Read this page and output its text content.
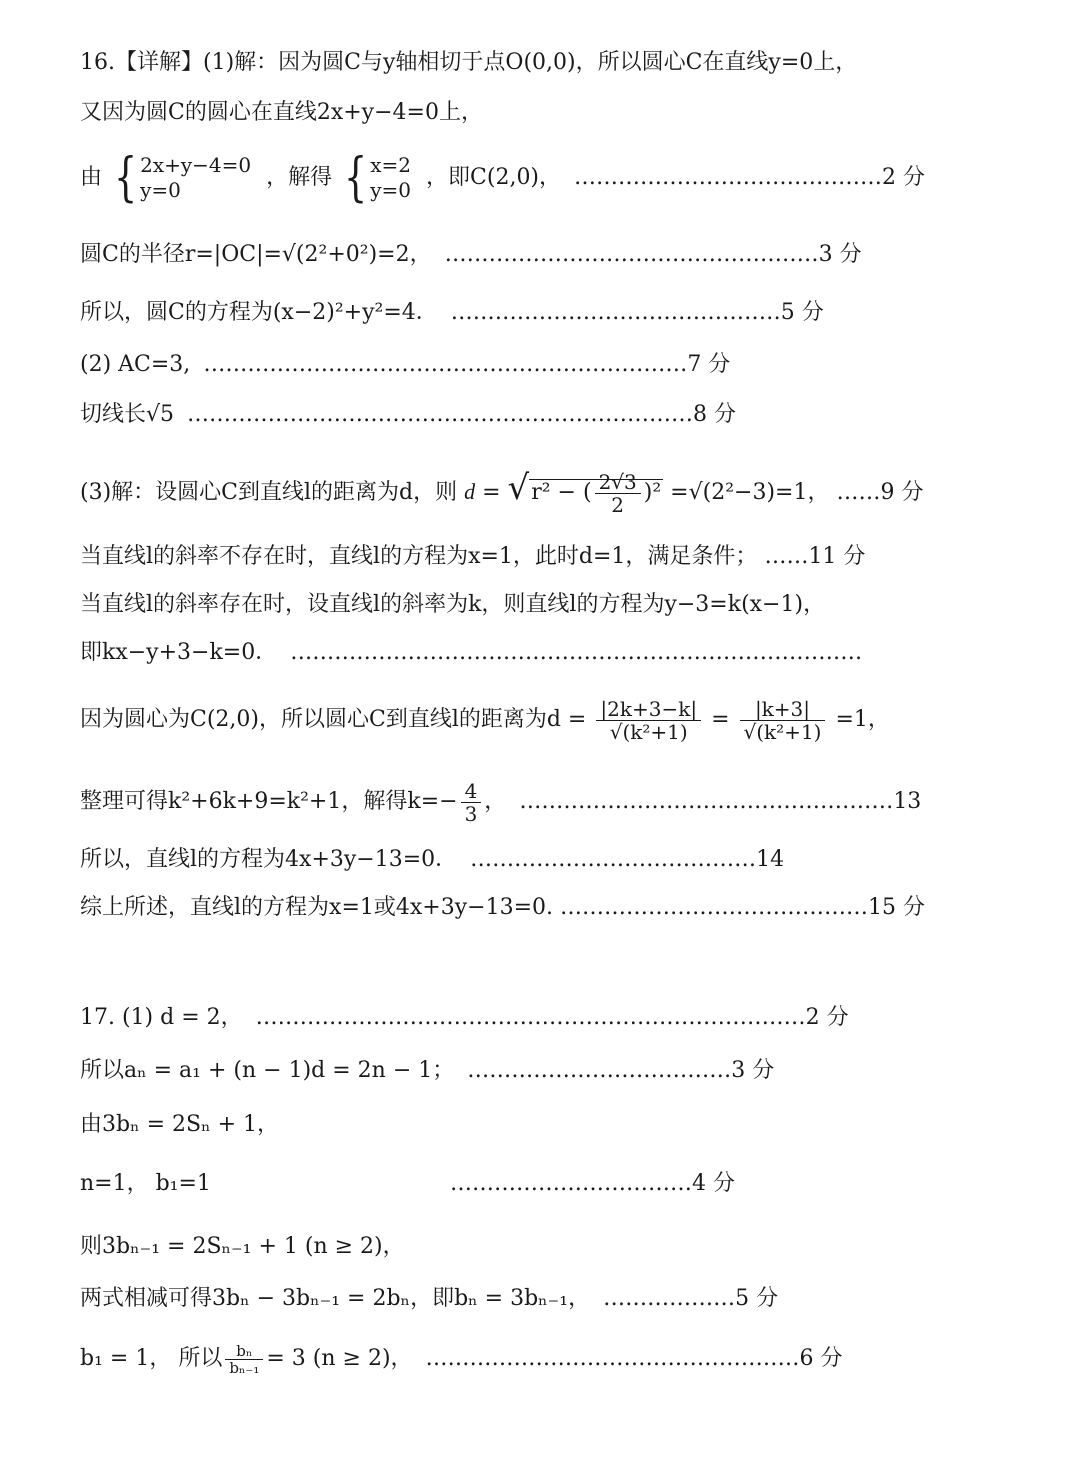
16.【详解】(1)解：因为圆C与y轴相切于点O(0,0)，所以圆心C在直线y=0上，
又因为圆C的圆心在直线2x+y−4=0上，
由 { 2x+y−4=0
y=0	，解得 { x=2
y=0 ，即C(2,0)， ……………………………………2 分
圆C的半径r=|OC|=√(2²+0²)=2， ……………………………………………3 分
所以，圆C的方程为(x−2)²+y²=4． ………………………………………5 分
(2) AC=3, …………………………………………………………7 分
切线长√5 ……………………………………………………………8 分
(3)解：设圆心C到直线l的距离为d，则 d = √r² − ( $\frac{2√3}{2} )^2 =√(2^2-3)=1$， ……9 分
当直线l的斜率不存在时，直线l的方程为x=1，此时d=1，满足条件； ……11 分
当直线l的斜率存在时，设直线l的斜率为k，则直线l的方程为y−3=k(x−1)，
即kx−y+3−k=0． ……………………………………………………………………
因为圆心为C(2,0)，所以圆心C到直线l的距离为$d = \frac{|2k+3-k|}{\text{√(k²+1)}} = \frac{|k+3|}{\text{√(k²+1)}} =1$，
整理可得k²+6k+9=k²+1，解得$k=- \frac{4}{3}$ ， ……………………………………………13
所以，直线l的方程为4x+3y−13=0． …………………………………14
综上所述，直线l的方程为x=1或4x+3y−13=0. ……………………………………15 分
17. (1) d = 2， …………………………………………………………………2 分
所以aₙ = a₁ + (n − 1)d = 2n − 1； ………………………………3 分
由3bₙ = 2Sₙ + 1，
n=1， b₁=1	……………………………4 分
则3bₙ₋₁ = 2Sₙ₋₁ + 1 (n ≥ 2)，
两式相减可得3bₙ − 3bₙ₋₁ = 2bₙ，即bₙ = 3bₙ₋₁， ………………5 分
b₁ = 1， 所以 $\frac{\text{bₙ}}{\text{bₙ₋₁}} = 3$ (n ≥ 2)， ……………………………………………6 分
